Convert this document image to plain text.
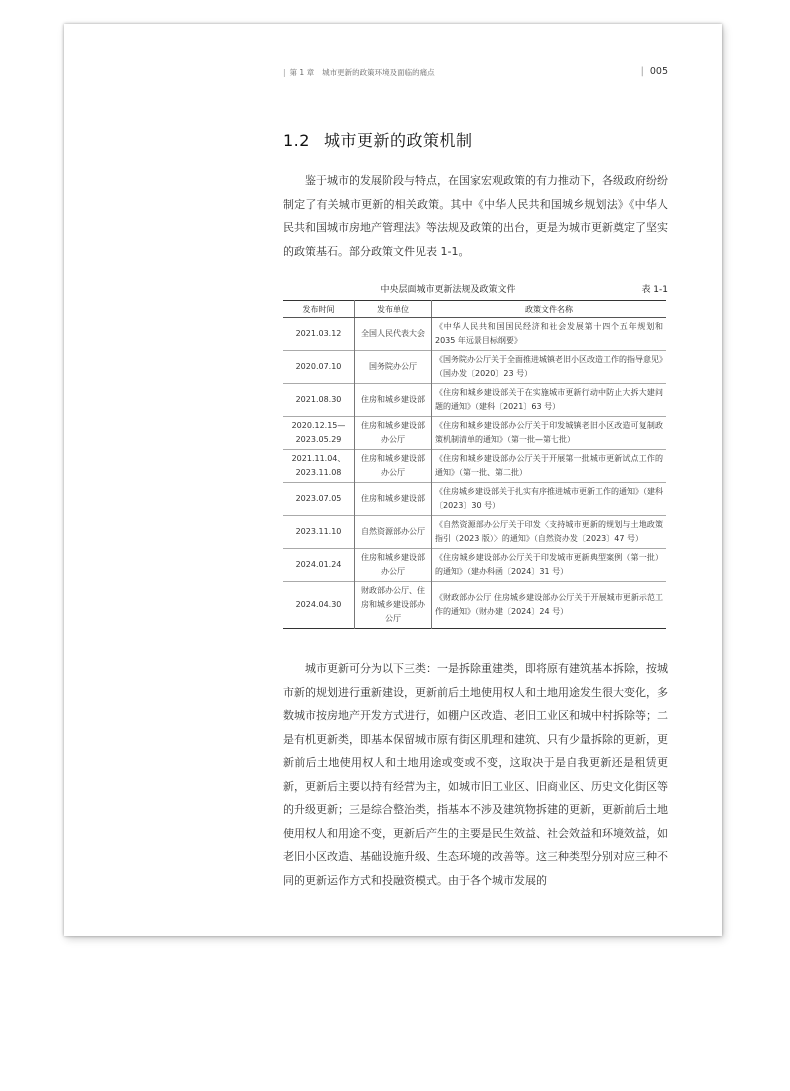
| 第 1 章 城市更新的政策环境及面临的痛点	| 005
1.2 城市更新的政策机制

鉴于城市的发展阶段与特点，在国家宏观政策的有力推动下，各级政府纷纷制定了有关城市更新的相关政策。其中《中华人民共和国城乡规划法》《中华人民共和国城市房地产管理法》等法规及政策的出台，更是为城市更新奠定了坚实的政策基石。部分政策文件见表 1-1。

中央层面城市更新法规及政策文件	表 1-1
发布时间	发布单位	政策文件名称
2021.03.12	全国人民代表大会	《中华人民共和国国民经济和社会发展第十四个五年规划和 2035 年远景目标纲要》
2020.07.10	国务院办公厅	《国务院办公厅关于全面推进城镇老旧小区改造工作的指导意见》（国办发〔2020〕23 号）
2021.08.30	住房和城乡建设部	《住房和城乡建设部关于在实施城市更新行动中防止大拆大建问题的通知》（建科〔2021〕63 号）
2020.12.15—2023.05.29	住房和城乡建设部办公厅	《住房和城乡建设部办公厅关于印发城镇老旧小区改造可复制政策机制清单的通知》（第一批—第七批）
2021.11.04、2023.11.08	住房和城乡建设部办公厅	《住房和城乡建设部办公厅关于开展第一批城市更新试点工作的通知》（第一批、第二批）
2023.07.05	住房和城乡建设部	《住房城乡建设部关于扎实有序推进城市更新工作的通知》（建科〔2023〕30 号）
2023.11.10	自然资源部办公厅	《自然资源部办公厅关于印发〈支持城市更新的规划与土地政策指引（2023 版）〉的通知》（自然资办发〔2023〕47 号）
2024.01.24	住房和城乡建设部办公厅	《住房城乡建设部办公厅关于印发城市更新典型案例（第一批）的通知》（建办科函〔2024〕31 号）
2024.04.30	财政部办公厅、住房和城乡建设部办公厅	《财政部办公厅 住房城乡建设部办公厅关于开展城市更新示范工作的通知》（财办建〔2024〕24 号）

城市更新可分为以下三类：一是拆除重建类，即将原有建筑基本拆除，按城市新的规划进行重新建设，更新前后土地使用权人和土地用途发生很大变化，多数城市按房地产开发方式进行，如棚户区改造、老旧工业区和城中村拆除等；二是有机更新类，即基本保留城市原有街区肌理和建筑、只有少量拆除的更新，更新前后土地使用权人和土地用途或变或不变，这取决于是自我更新还是租赁更新，更新后主要以持有经营为主，如城市旧工业区、旧商业区、历史文化街区等的升级更新；三是综合整治类，指基本不涉及建筑物拆建的更新，更新前后土地使用权人和用途不变，更新后产生的主要是民生效益、社会效益和环境效益，如老旧小区改造、基础设施升级、生态环境的改善等。这三种类型分别对应三种不同的更新运作方式和投融资模式。由于各个城市发展的
